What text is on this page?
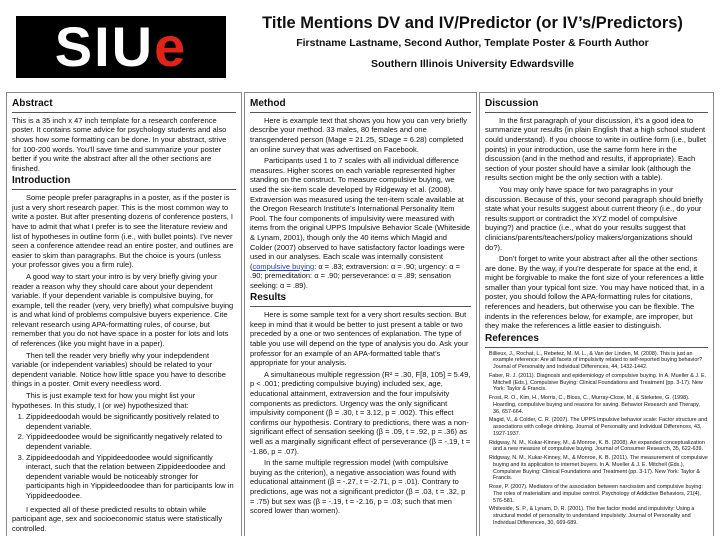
SIUe	Title Mentions DV and IV/Predictor (or IV’s/Predictors)
Firstname Lastname, Second Author, Template Poster & Fourth Author
Southern Illinois University Edwardsville
Abstract

This is a 35 inch x 47 inch template for a research conference poster. It contains some advice for psychology students and also shows how some formatting can be done. In your abstract, strive for 100-200 words. You’ll save time and summarize your poster better if you write the abstract after all the other sections are finished.

Introduction

Some people prefer paragraphs in a poster, as if the poster is just a very short research paper. This is the most common way to write a poster. But after presenting dozens of conference posters, I have to admit that what I prefer is to see the literature review and list of hypotheses in outline form (i.e., with bullet points). I’ve never seen a conference attendee read an entire poster, and outlines are easier to skim than paragraphs. But the choice is yours (unless your professor gives you a firm rule).

A good way to start your intro is by very briefly giving your reader a reason why they should care about your dependent variable. If your dependent variable is compulsive buying, for example, tell the reader (very, very briefly) what compulsive buying is and what kind of problems compulsive buyers experience. Cite relevant research using APA-formatting rules, of course, but remember that you do not have space in a poster for lots and lots of references (like you might have in a paper).

Then tell the reader very briefly why your indepdendent variable (or independent variables) should be related to your dependent variable. Notice how little space you have to describe things in a poster. Omit every needless word.

This is just example text for how you might list your hypotheses. In this study, I (or we) hypothesized that:

1. Zippideedoodah would be significantly positively related to dependent variable.
2. Yippideedoodee would be significantly negatively related to dependent variable.
3. Zippideedoodah and Yippideedoodee would significantly interact, such that the relation between Zippideedoodee and dependent variable would be noticeably stronger for participants high in Yippideedoodee than for participants low in Yippideedoodee.

I expected all of these predicted results to obtain while participant age, sex and socioeconomic status were statistically controlled.

Method

Here is example text that shows you how you can very briefly describe your method. 33 males, 80 females and one transgendered person (Mage = 21.25, SDage = 6.28) completed an online survey that was advertised on Facebook.

Participants used 1 to 7 scales with all individual difference measures. Higher scores on each variable represented higher standing on the construct. To measure compulsive buying, we used the six-item scale developed by Ridgeway et al. (2008). Extraversion was measured using the ten-item scale available at the Oregon Research Institute’s International Personality Item Pool. The four components of impulsivity were measured with items from the original UPPS Impulsive Behavior Scale (Whiteside & Lynam, 2001), though only the 40 items which Magid and Colder (2007) observed to have satisfactory factor loadings were used in our analyses. Each scale was internally consistent (compulsive buying: α = .83; extraversion: α = .90; urgency: α = .90; premeditation: α = .90; perseverance: α = .89; sensation seeking: α = .89).

Results

Here is some sample text for a very short results section. But keep in mind that it would be better to just present a table or two preceded by a one or two sentences of explanation. The type of table you use will depend on the type of analysis you do. Ask your professor for an example of an APA-formatted table that’s appropriate for your analysis.

A simultaneous multiple regression (R² = .30, F[8, 105] = 5.49, p < .001; predicting compulsive buying) included sex, age, educational attainment, extraversion and the four impulsivity components as predictors. Urgency was the only significant impulsivity component (β = .30, t = 3.12, p = .002). This effect confirms our hypothesis. Contrary to predictions, there was a non-significant effect of sensation seeking (β = .09, t = .92, p = .36) as well as a marginally significant effect of perseverance (β = -.19, t = -1.86, p = .07).

In the same multiple regression model (with compulsive buying as the criterion), a negative association was found with educational attainment (β = -.27, t = -2.71, p = .01). Contrary to predictions, age was not a significant predictor (β = .03, t = .32, p = .75) but sex was (β = -.19, t = -2.16, p = .03; such that men scored lower than women).

Discussion

In the first paragraph of your discussion, it’s a good idea to summarize your results (in plain English that a high school student could understand). If you choose to write in outline form (i.e., bullet points) in your introduction, use the same form here in the discussion (and in the method and results, if appropriate). Each section of your poster should have a similar look (although the results section might be the only section with a table).

You may only have space for two paragraphs in your discussion. Because of this, your second paragraph should briefly state what your results suggest about current theory (i.e., do your results support or contradict the XYZ model of compulsive buying?) and practice (i.e., what do your results suggest that clinicians/parents/teachers/policy makers/organizations should do?).

Don’t forget to write your abstract after all the other sections are done. By the way, if you’re desperate for space at the end, it might be forgivable to make the font size of your references a little smaller than your typical font size. You may have noticed that, in a poster, you should follow the APA-formatting rules for citations, references and headers, but otherwise you can be flexible. The indents in the references below, for example, are improper, but they make the references a little easier to distinguish.

References

Billieux, J., Rochat, L., Rebetez, M. M. L., & Van der Linden, M. (2008). This is just an example reference: Are all facets of impulsivity related to self-reported buying behavior? Journal of Personality and Individual Differences, 44, 1432-1442.

Faber, R. J. (2011). Diagnosis and epidemiology of compulsive buying. In A. Mueller & J. E. Mitchell (Eds.), Compulsive Buying: Clinical Foundations and Treatment (pp. 3-17). New York: Taylor & Francis.

Frost, R. O., Kim, H., Morris, C., Bloss, C., Murray-Close, M., & Steketee, G. (1998). Hoarding, compulsive buying and reasons for saving. Behavior Research and Therapy, 36, 657-664.

Magid, V., & Colder, C. R. (2007). The UPPS impulsive behavior scale: Factor structure and associations with college drinking. Journal of Personality and Individual Differences, 43, 1927-1937.

Ridgway, N. M., Kukar-Kinney, M., & Monroe, K. B. (2008). An expanded conceptualization and a new measure of compulsive buying. Journal of Consumer Research, 35, 622-639.

Ridgway, N. M., Kukar-Kinney, M., & Monroe, K. B. (2011). The measurement of compulsive buying and its application to internet buyers. In A. Mueller & J. E. Mitchell (Eds.), Compulsive Buying: Clinical Foundations and Treatment (pp. 3-17). New York: Taylor & Francis.

Rose, P. (2007). Mediators of the association between narcissism and compulsive buying: The roles of materialism and impulse control. Psychology of Addictive Behaviors, 21(4), 576-581.

Whiteside, S. P., & Lynam, D. R. (2001). The five factor model and impulsivity: Using a structural model of personality to understand impulsivity. Journal of Personality and Individual Differences, 30, 669-689.
